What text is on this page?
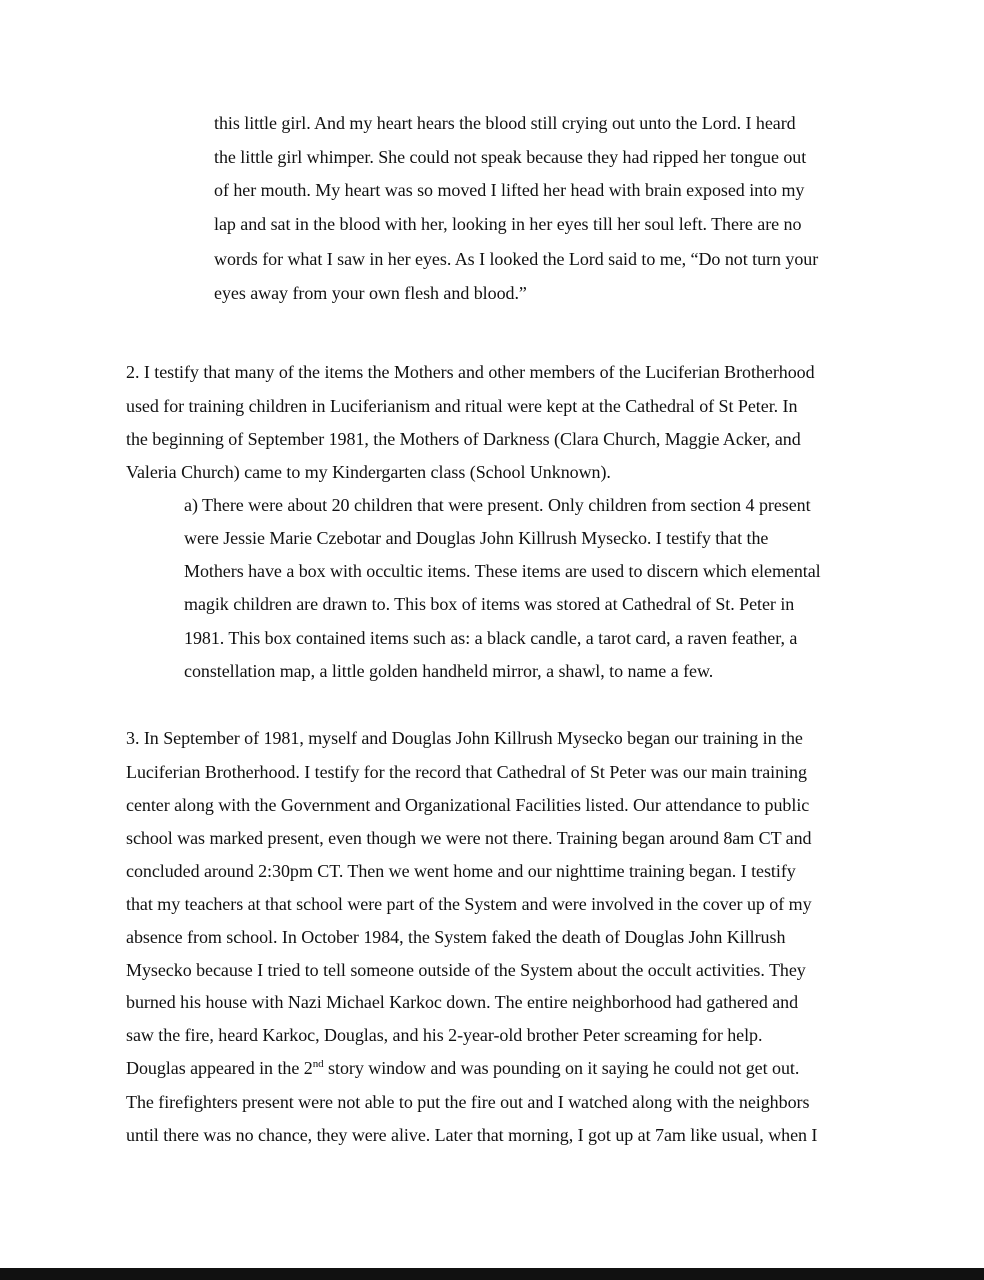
this little girl. And my heart hears the blood still crying out unto the Lord. I heard
the little girl whimper. She could not speak because they had ripped her tongue out
of her mouth. My heart was so moved I lifted her head with brain exposed into my
lap and sat in the blood with her, looking in her eyes till her soul left. There are no
words for what I saw in her eyes. As I looked the Lord said to me, “Do not turn your
eyes away from your own flesh and blood.”
2. I testify that many of the items the Mothers and other members of the Luciferian Brotherhood
used for training children in Luciferianism and ritual were kept at the Cathedral of St Peter. In
the beginning of September 1981, the Mothers of Darkness (Clara Church, Maggie Acker, and
Valeria Church) came to my Kindergarten class (School Unknown).
a) There were about 20 children that were present. Only children from section 4 present
were Jessie Marie Czebotar and Douglas John Killrush Mysecko. I testify that the
Mothers have a box with occultic items. These items are used to discern which elemental
magik children are drawn to. This box of items was stored at Cathedral of St. Peter in
1981. This box contained items such as: a black candle, a tarot card, a raven feather, a
constellation map, a little golden handheld mirror, a shawl, to name a few.
3. In September of 1981, myself and Douglas John Killrush Mysecko began our training in the
Luciferian Brotherhood. I testify for the record that Cathedral of St Peter was our main training
center along with the Government and Organizational Facilities listed. Our attendance to public
school was marked present, even though we were not there. Training began around 8am CT and
concluded around 2:30pm CT. Then we went home and our nighttime training began. I testify
that my teachers at that school were part of the System and were involved in the cover up of my
absence from school. In October 1984, the System faked the death of Douglas John Killrush
Mysecko because I tried to tell someone outside of the System about the occult activities. They
burned his house with Nazi Michael Karkoc down. The entire neighborhood had gathered and
saw the fire, heard Karkoc, Douglas, and his 2-year-old brother Peter screaming for help.
Douglas appeared in the 2nd story window and was pounding on it saying he could not get out.
The firefighters present were not able to put the fire out and I watched along with the neighbors
until there was no chance, they were alive. Later that morning, I got up at 7am like usual, when I
